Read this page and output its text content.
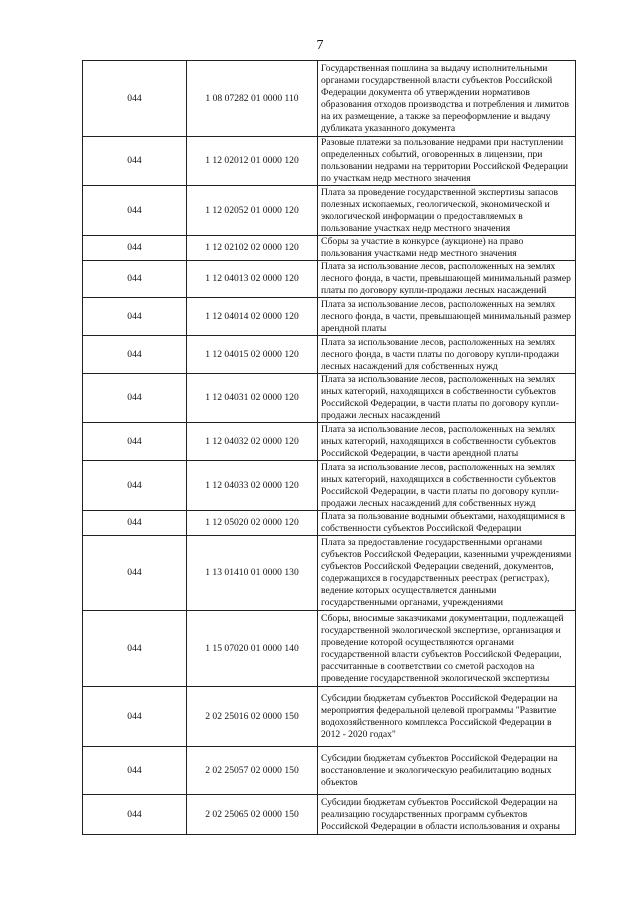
7
044	1 08 07282 01 0000 110	Государственная пошлина за выдачу исполнительными органами государственной власти субъектов Российской Федерации документа об утверждении нормативов образования отходов производства и потребления и лимитов на их размещение, а также за переоформление и выдачу дубликата указанного документа
044	1 12 02012 01 0000 120	Разовые платежи за пользование недрами при наступлении определенных событий, оговоренных в лицензии, при пользовании недрами на территории Российской Федерации по участкам недр местного значения
044	1 12 02052 01 0000 120	Плата за проведение государственной экспертизы запасов полезных ископаемых, геологической, экономической и экологической информации о предоставляемых в пользование участках недр местного значения
044	1 12 02102 02 0000 120	Сборы за участие в конкурсе (аукционе) на право пользования участками недр местного значения
044	1 12 04013 02 0000 120	Плата за использование лесов, расположенных на землях лесного фонда, в части, превышающей минимальный размер платы по договору купли-продажи лесных насаждений
044	1 12 04014 02 0000 120	Плата за использование лесов, расположенных на землях лесного фонда, в части, превышающей минимальный размер арендной платы
044	1 12 04015 02 0000 120	Плата за использование лесов, расположенных на землях лесного фонда, в части платы по договору купли-продажи лесных насаждений для собственных нужд
044	1 12 04031 02 0000 120	Плата за использование лесов, расположенных на землях иных категорий, находящихся в собственности субъектов Российской Федерации, в части платы по договору купли-продажи лесных насаждений
044	1 12 04032 02 0000 120	Плата за использование лесов, расположенных на землях иных категорий, находящихся в собственности субъектов Российской Федерации, в части арендной платы
044	1 12 04033 02 0000 120	Плата за использование лесов, расположенных на землях иных категорий, находящихся в собственности субъектов Российской Федерации, в части платы по договору купли-продажи лесных насаждений для собственных нужд
044	1 12 05020 02 0000 120	Плата за пользование водными объектами, находящимися в собственности субъектов Российской Федерации
044	1 13 01410 01 0000 130	Плата за предоставление государственными органами субъектов Российской Федерации, казенными учреждениями субъектов Российской Федерации сведений, документов, содержащихся в государственных реестрах (регистрах), ведение которых осуществляется данными государственными органами, учреждениями
044	1 15 07020 01 0000 140	Сборы, вносимые заказчиками документации, подлежащей государственной экологической экспертизе, организация и проведение которой осуществляются органами государственной власти субъектов Российской Федерации, рассчитанные в соответствии со сметой расходов на проведение государственной экологической экспертизы
044	2 02 25016 02 0000 150	Субсидии бюджетам субъектов Российской Федерации на мероприятия федеральной целевой программы "Развитие водохозяйственного комплекса Российской Федерации в 2012 - 2020 годах"
044	2 02 25057 02 0000 150	Субсидии бюджетам субъектов Российской Федерации на восстановление и экологическую реабилитацию водных объектов
044	2 02 25065 02 0000 150	Субсидии бюджетам субъектов Российской Федерации на реализацию государственных программ субъектов Российской Федерации в области использования и охраны
